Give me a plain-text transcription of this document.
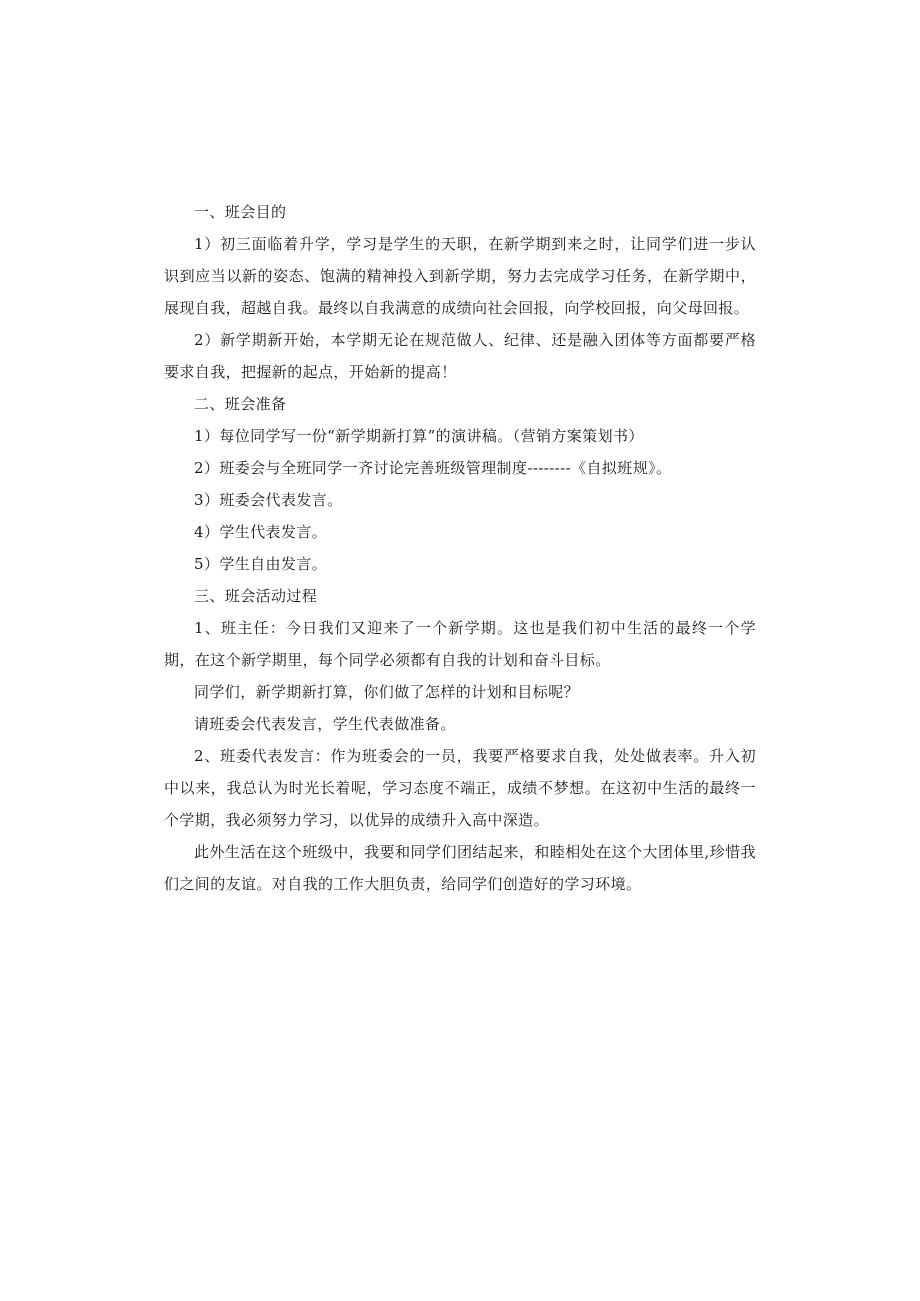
一、班会目的

1）初三面临着升学，学习是学生的天职，在新学期到来之时，让同学们进一步认识到应当以新的姿态、饱满的精神投入到新学期，努力去完成学习任务，在新学期中，展现自我，超越自我。最终以自我满意的成绩向社会回报，向学校回报，向父母回报。

2）新学期新开始，本学期无论在规范做人、纪律、还是融入团体等方面都要严格要求自我，把握新的起点，开始新的提高！

二、班会准备

1）每位同学写一份“新学期新打算”的演讲稿。（营销方案策划书）

2）班委会与全班同学一齐讨论完善班级管理制度--------《自拟班规》。

3）班委会代表发言。

4）学生代表发言。

5）学生自由发言。

三、班会活动过程

1、班主任：今日我们又迎来了一个新学期。这也是我们初中生活的最终一个学期，在这个新学期里，每个同学必须都有自我的计划和奋斗目标。

同学们，新学期新打算，你们做了怎样的计划和目标呢？

请班委会代表发言，学生代表做准备。

2、班委代表发言：作为班委会的一员，我要严格要求自我，处处做表率。升入初中以来，我总认为时光长着呢，学习态度不端正，成绩不梦想。在这初中生活的最终一个学期，我必须努力学习，以优异的成绩升入高中深造。

此外生活在这个班级中，我要和同学们团结起来，和睦相处在这个大团体里,珍惜我们之间的友谊。对自我的工作大胆负责，给同学们创造好的学习环境。
